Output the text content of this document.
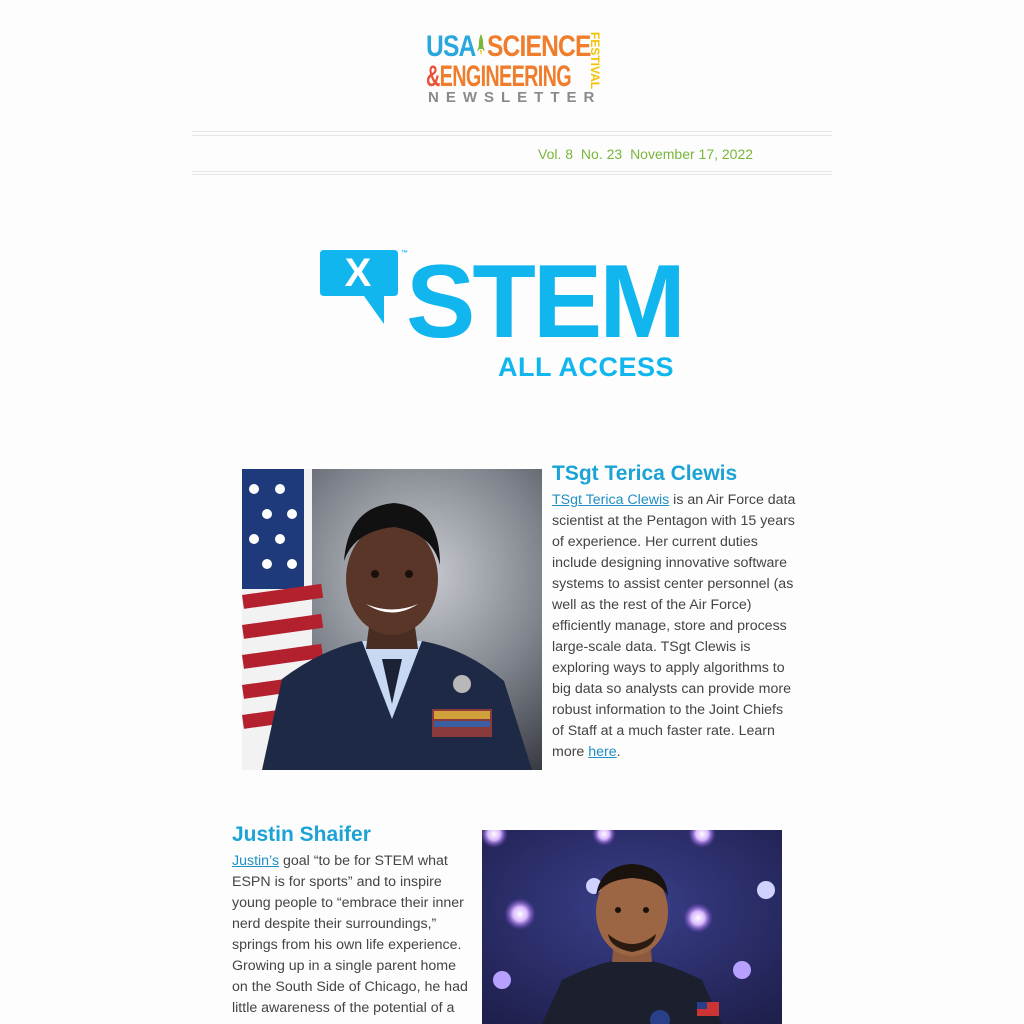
USA SCIENCE
&ENGINEERING
NEWSLETTER
FESTIVAL
Vol. 8 No. 23 November 17, 2022
X	™
STEM
ALL ACCESS
TSgt Terica Clewis
TSgt Terica Clewis is an Air Force data scientist at the Pentagon with 15 years of experience. Her current duties include designing innovative software systems to assist center personnel (as well as the rest of the Air Force) efficiently manage, store and process large-scale data. TSgt Clewis is exploring ways to apply algorithms to big data so analysts can provide more robust information to the Joint Chiefs of Staff at a much faster rate. Learn more here.
Justin Shaifer
Justin’s goal “to be for STEM what ESPN is for sports” and to inspire young people to “embrace their inner nerd despite their surroundings,” springs from his own life experience. Growing up in a single parent home on the South Side of Chicago, he had little awareness of the potential of a
